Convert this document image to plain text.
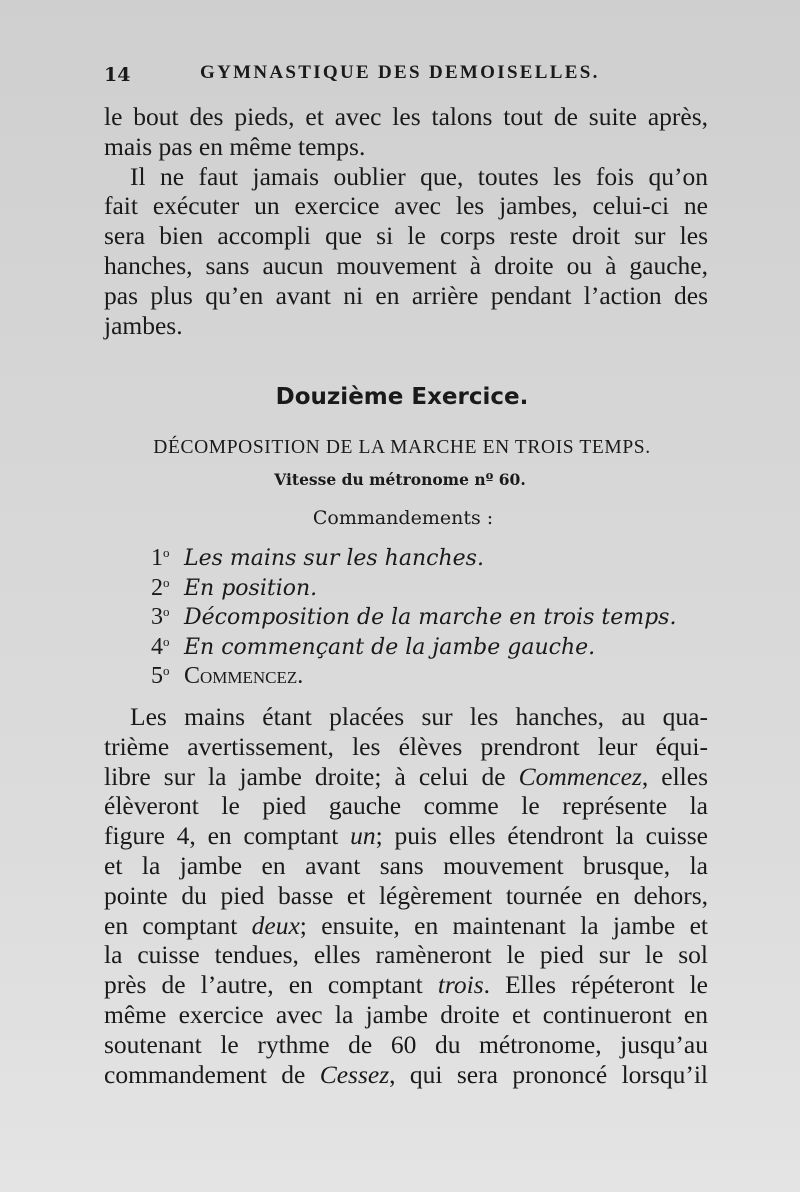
14	GYMNASTIQUE DES DEMOISELLES.
le bout des pieds, et avec les talons tout de suite après,
mais pas en même temps.
Il ne faut jamais oublier que, toutes les fois qu’on
fait exécuter un exercice avec les jambes, celui-ci ne
sera bien accompli que si le corps reste droit sur les
hanches, sans aucun mouvement à droite ou à gauche,
pas plus qu’en avant ni en arrière pendant l’action des
jambes.
Douzième Exercice.
DÉCOMPOSITION DE LA MARCHE EN TROIS TEMPS.
Vitesse du métronome nº 60.
Commandements :
1$^o$ Les mains sur les hanches.
2$^o$ En position.
3$^o$ Décomposition de la marche en trois temps.
4$^o$ En commençant de la jambe gauche.
5$^o$ Commencez.
Les mains étant placées sur les hanches, au qua-
trième avertissement, les élèves prendront leur équi-
libre sur la jambe droite; à celui de Commencez, elles
élèveront le pied gauche comme le représente la
figure 4, en comptant un; puis elles étendront la cuisse
et la jambe en avant sans mouvement brusque, la
pointe du pied basse et légèrement tournée en dehors,
en comptant deux; ensuite, en maintenant la jambe et
la cuisse tendues, elles ramèneront le pied sur le sol
près de l’autre, en comptant trois. Elles répéteront le
même exercice avec la jambe droite et continueront en
soutenant le rythme de 60 du métronome, jusqu’au
commandement de Cessez, qui sera prononcé lorsqu’il
